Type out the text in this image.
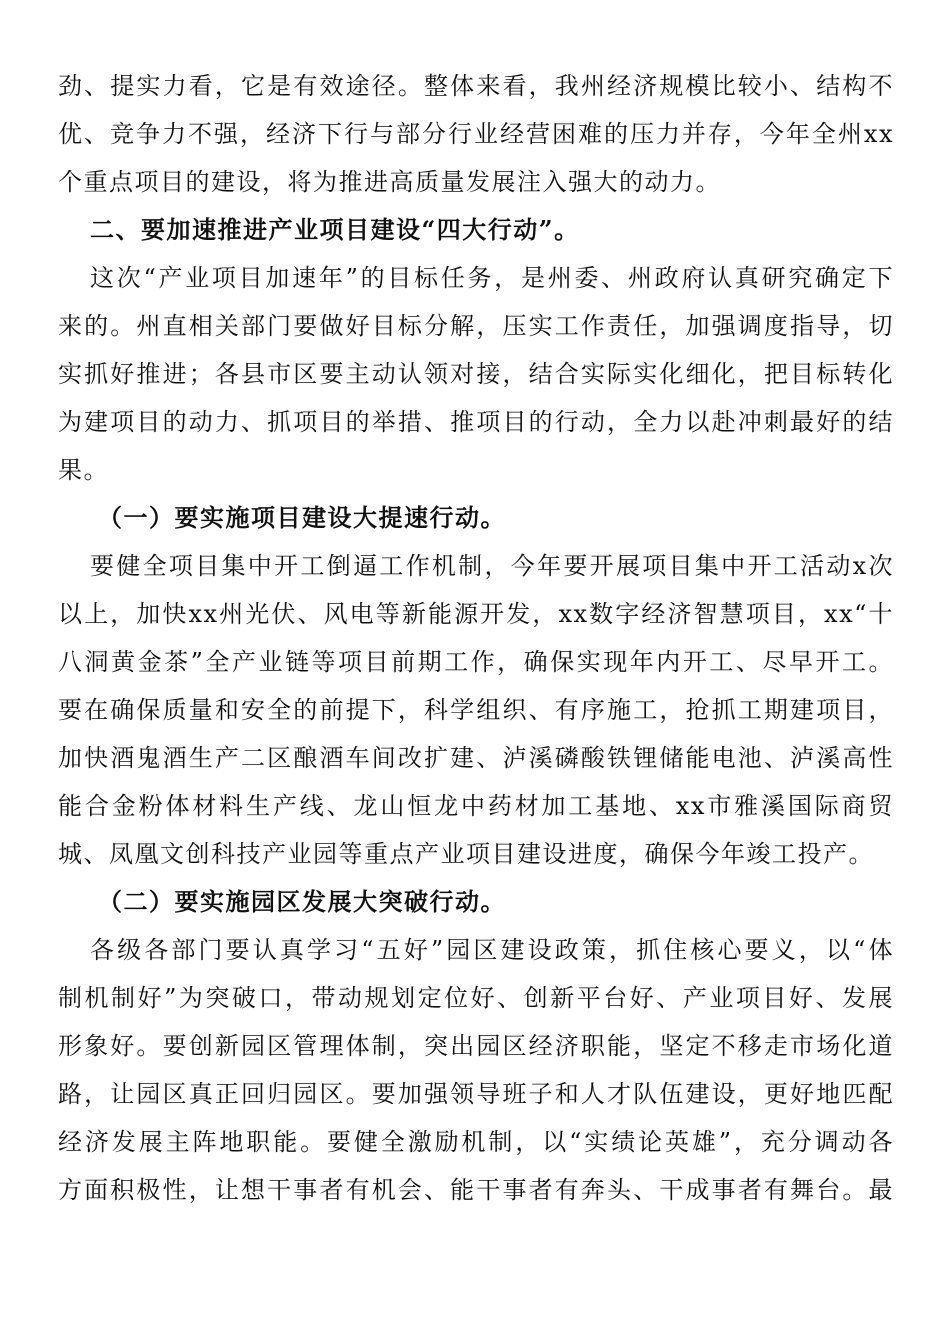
劲、提实力看，它是有效途径。整体来看，我州经济规模比较小、结构不
优、竞争力不强，经济下行与部分行业经营困难的压力并存，今年全州xx
个重点项目的建设，将为推进高质量发展注入强大的动力。
二、要加速推进产业项目建设“四大行动”。
这次“产业项目加速年”的目标任务，是州委、州政府认真研究确定下
来的。州直相关部门要做好目标分解，压实工作责任，加强调度指导，切
实抓好推进；各县市区要主动认领对接，结合实际实化细化，把目标转化
为建项目的动力、抓项目的举措、推项目的行动，全力以赴冲刺最好的结
果。
（一）要实施项目建设大提速行动。
要健全项目集中开工倒逼工作机制，今年要开展项目集中开工活动x次
以上，加快xx州光伏、风电等新能源开发，xx数字经济智慧项目，xx“十
八洞黄金茶”全产业链等项目前期工作，确保实现年内开工、尽早开工。
要在确保质量和安全的前提下，科学组织、有序施工，抢抓工期建项目，
加快酒鬼酒生产二区酿酒车间改扩建、泸溪磷酸铁锂储能电池、泸溪高性
能合金粉体材料生产线、龙山恒龙中药材加工基地、xx市雅溪国际商贸
城、凤凰文创科技产业园等重点产业项目建设进度，确保今年竣工投产。
（二）要实施园区发展大突破行动。
各级各部门要认真学习“五好”园区建设政策，抓住核心要义，以“体
制机制好”为突破口，带动规划定位好、创新平台好、产业项目好、发展
形象好。要创新园区管理体制，突出园区经济职能，坚定不移走市场化道
路，让园区真正回归园区。要加强领导班子和人才队伍建设，更好地匹配
经济发展主阵地职能。要健全激励机制，以“实绩论英雄”，充分调动各
方面积极性，让想干事者有机会、能干事者有奔头、干成事者有舞台。最
